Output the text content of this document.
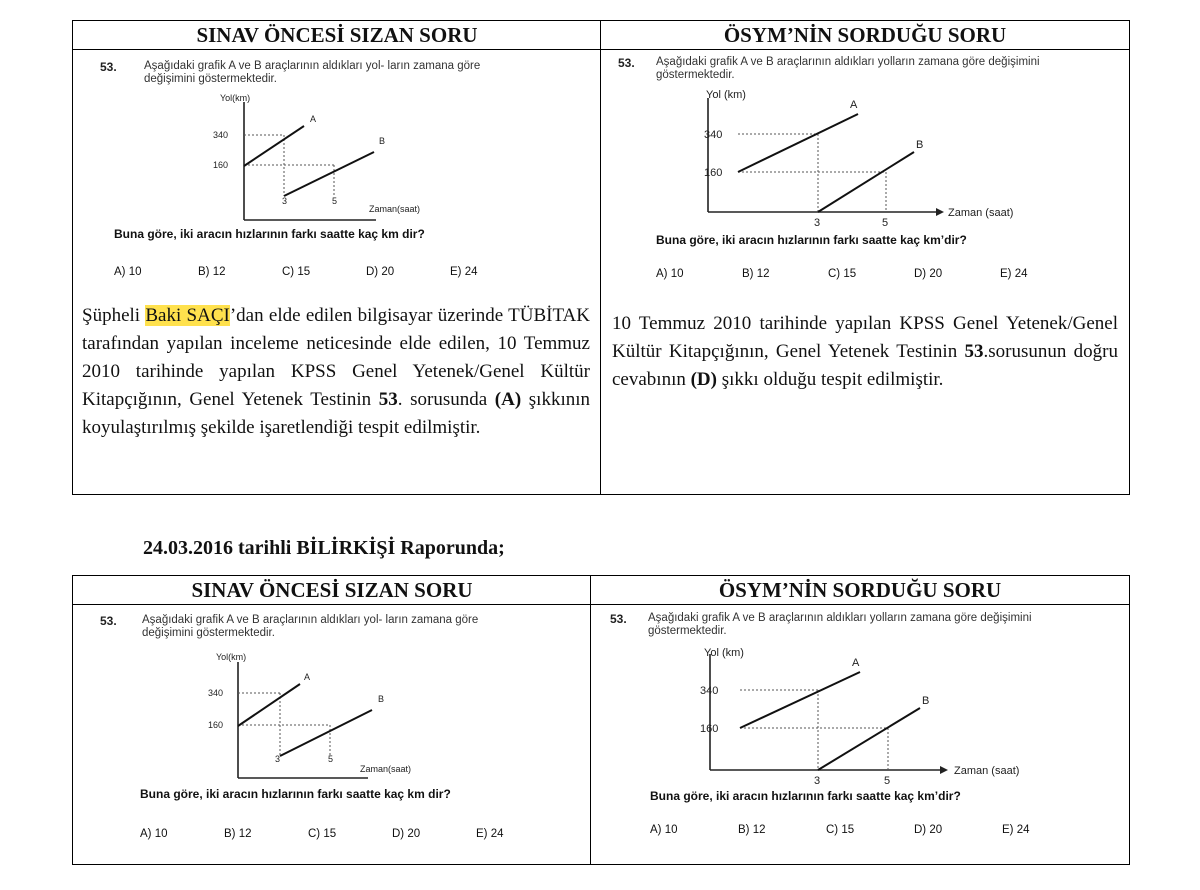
SINAV ÖNCESİ SIZAN SORU	ÖSYM’NİN SORDUĞU SORU
53. Aşağıdaki grafik A ve B araçlarının aldıkları yol- ların zamana göre değişimini göstermektedir.
Yol(km)
Zaman(saat)
340
160
3	5
A
B
Buna göre, iki aracın hızlarının farkı saatte kaç km dir?
A) 10	B) 12	C) 15	D) 20	E) 24
53. Aşağıdaki grafik A ve B araçlarının aldıkları yolların zamana göre değişimini göstermektedir.
Yol (km)
Zaman (saat)
340
160
3	5
A
B
Buna göre, iki aracın hızlarının farkı saatte kaç km’dir?
A) 10	B) 12	C) 15	D) 20	E) 24
Şüpheli Baki SAÇI’dan elde edilen bilgisayar üzerinde TÜBİTAK tarafından yapılan inceleme neticesinde elde edilen, 10 Temmuz 2010 tarihinde yapılan KPSS Genel Yetenek/Genel Kültür Kitapçığının, Genel Yetenek Testinin 53. sorusunda (A) şıkkının koyulaştırılmış şekilde işaretlendiği tespit edilmiştir.
10 Temmuz 2010 tarihinde yapılan KPSS Genel Yetenek/Genel Kültür Kitapçığının, Genel Yetenek Testinin 53.sorusunun doğru cevabının (D) şıkkı olduğu tespit edilmiştir.
24.03.2016 tarihli BİLİRKİŞİ Raporunda;
SINAV ÖNCESİ SIZAN SORU	ÖSYM’NİN SORDUĞU SORU
53. Aşağıdaki grafik A ve B araçlarının aldıkları yol- ların zamana göre değişimini göstermektedir.
Yol(km)
Zaman(saat)
340
160
3	5
A
B
Buna göre, iki aracın hızlarının farkı saatte kaç km dir?
A) 10	B) 12	C) 15	D) 20	E) 24
53. Aşağıdaki grafik A ve B araçlarının aldıkları yolların zamana göre değişimini göstermektedir.
Yol (km)
Zaman (saat)
340
160
3	5
A
B
Buna göre, iki aracın hızlarının farkı saatte kaç km’dir?
A) 10	B) 12	C) 15	D) 20	E) 24
